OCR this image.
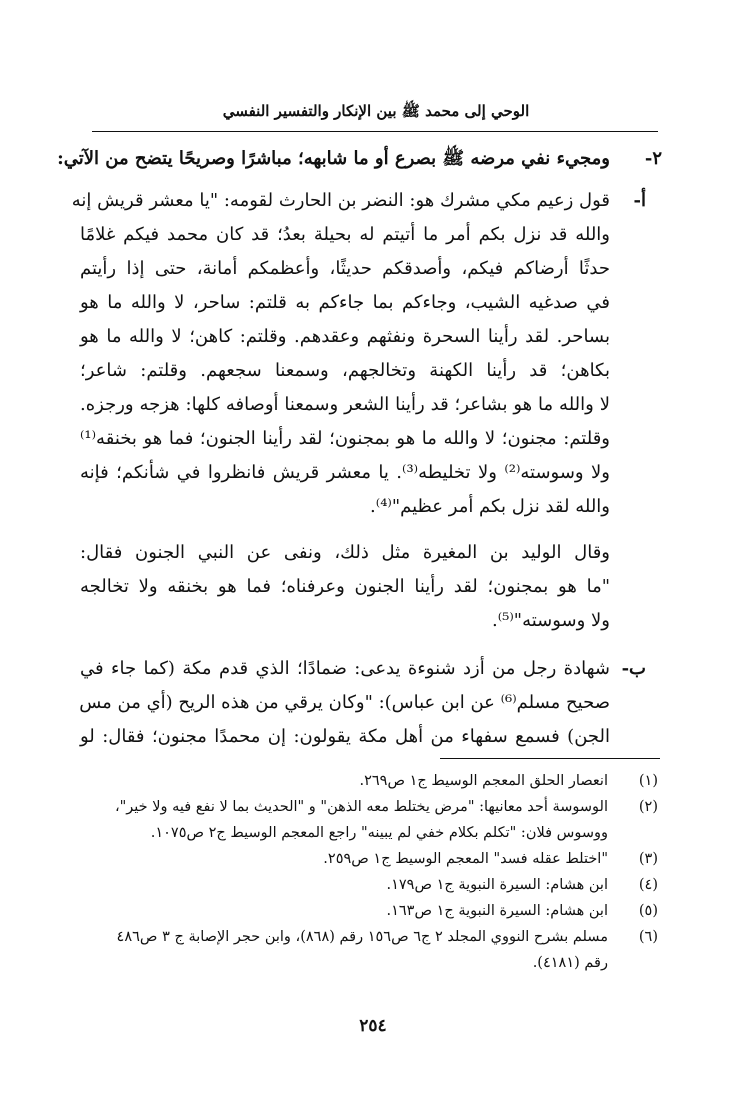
الوحي إلى محمد ﷺ بين الإنكار والتفسير النفسي
٢-
ومجيء نفي مرضه ﷺ بصرع أو ما شابهه؛ مباشرًا وصريحًا يتضح من الآتي:
أ-
قول زعيم مكي مشرك هو: النضر بن الحارث لقومه: "يا معشر قريش إنه
والله قد نزل بكم أمر ما أتيتم له بحيلة بعدُ؛ قد كان محمد فيكم غلامًا
حدثًا أرضاكم فيكم، وأصدقكم حديثًا، وأعظمكم أمانة، حتى إذا رأيتم
في صدغيه الشيب، وجاءكم بما جاءكم به قلتم: ساحر، لا والله ما هو
بساحر. لقد رأينا السحرة ونفثهم وعقدهم. وقلتم: كاهن؛ لا والله ما هو
بكاهن؛ قد رأينا الكهنة وتخالجهم، وسمعنا سجعهم. وقلتم: شاعر؛
لا والله ما هو بشاعر؛ قد رأينا الشعر وسمعنا أوصافه كلها: هزجه ورجزه.
وقلتم: مجنون؛ لا والله ما هو بمجنون؛ لقد رأينا الجنون؛ فما هو بخنقه⁽¹⁾
ولا وسوسته⁽²⁾ ولا تخليطه⁽³⁾. يا معشر قريش فانظروا في شأنكم؛ فإنه
والله لقد نزل بكم أمر عظيم"⁽⁴⁾.
وقال الوليد بن المغيرة مثل ذلك، ونفى عن النبي الجنون فقال:
"ما هو بمجنون؛ لقد رأينا الجنون وعرفناه؛ فما هو بخنقه ولا تخالجه
ولا وسوسته"⁽⁵⁾.
ب-
شهادة رجل من أزد شنوءة يدعى: ضمادًا؛ الذي قدم مكة (كما جاء في
صحيح مسلم⁽⁶⁾ عن ابن عباس): "وكان يرقي من هذه الريح (أي من مس
الجن) فسمع سفهاء من أهل مكة يقولون: إن محمدًا مجنون؛ فقال: لو
(١)
انعصار الحلق المعجم الوسيط ج١ ص٢٦٩.
(٢)
الوسوسة أحد معانيها: "مرض يختلط معه الذهن" و "الحديث بما لا نفع فيه ولا خير"،
ووسوس فلان: "تكلم بكلام خفي لم يبينه" راجع المعجم الوسيط ج٢ ص١٠٧٥.
(٣)
"اختلط عقله فسد" المعجم الوسيط ج١ ص٢٥٩.
(٤)
ابن هشام: السيرة النبوية ج١ ص١٧٩.
(٥)
ابن هشام: السيرة النبوية ج١ ص١٦٣.
(٦)
مسلم بشرح النووي المجلد ٢ ج٦ ص١٥٦ رقم (٨٦٨)، وابن حجر الإصابة ج ٣ ص٤٨٦
رقم (٤١٨١).
٢٥٤
